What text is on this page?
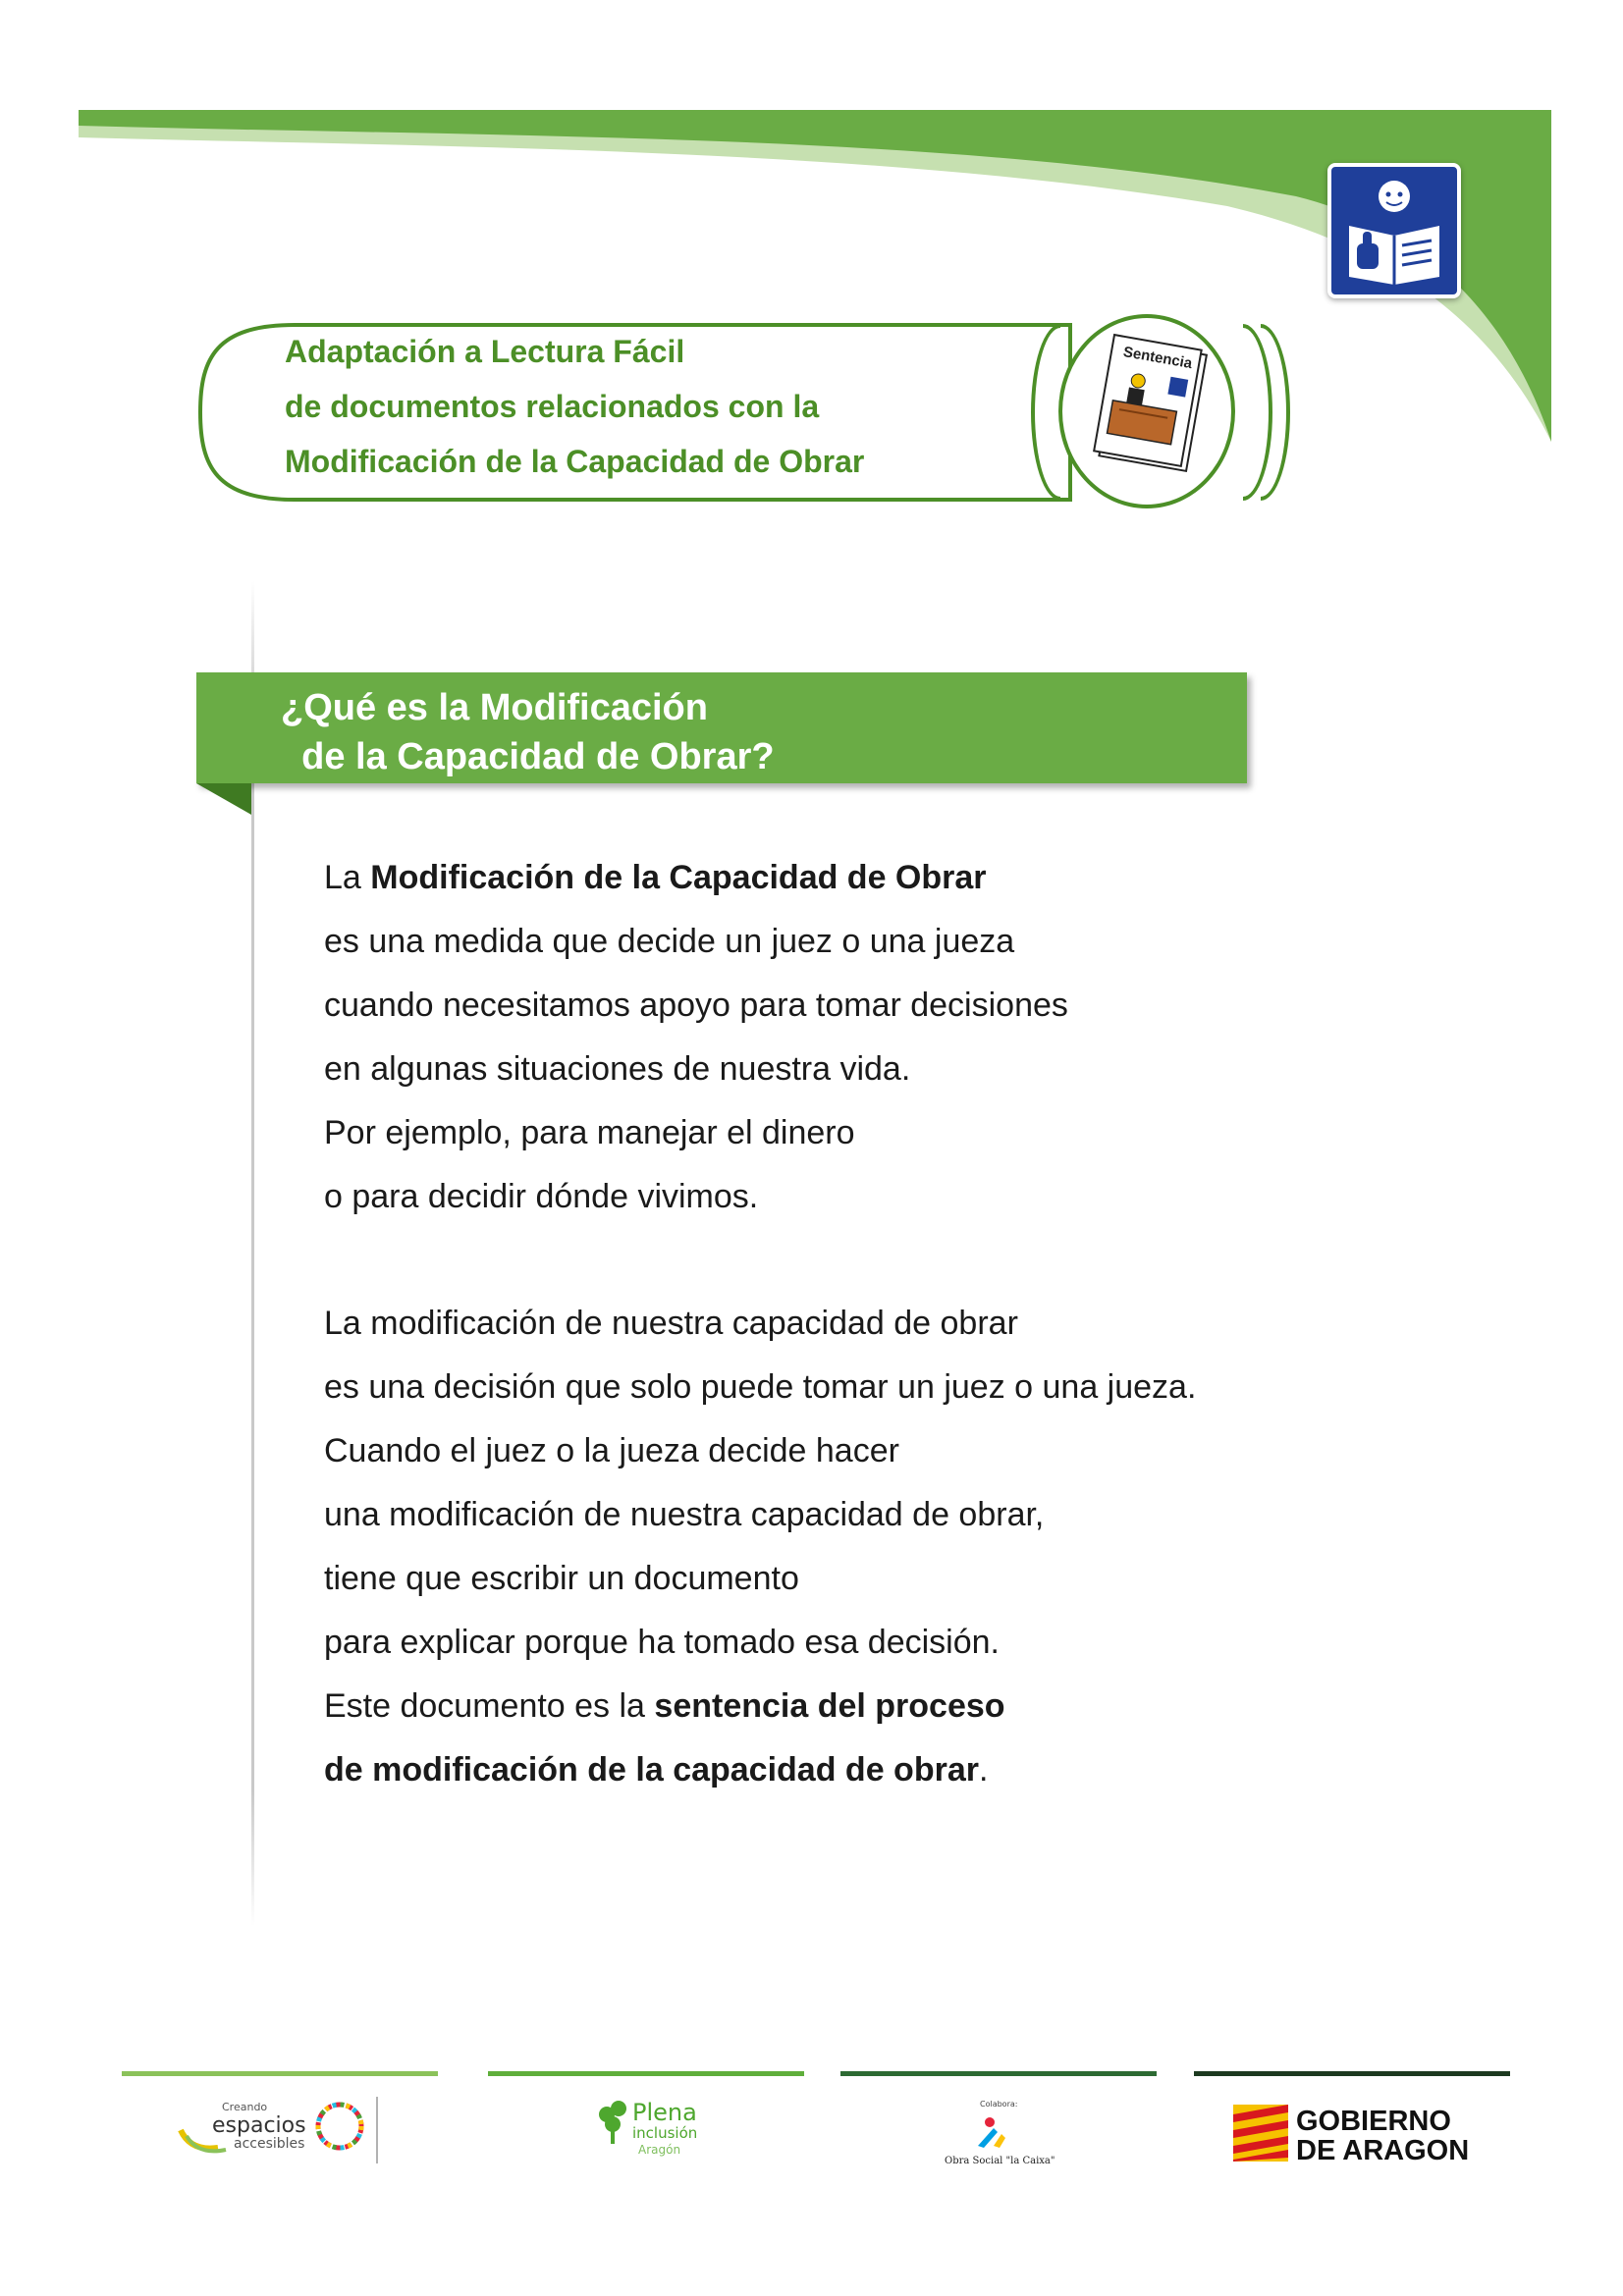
Adaptación a Lectura Fácil
de documentos relacionados con la
Modificación de la Capacidad de Obrar
Sentencia
¿Qué es la Modificación
de la Capacidad de Obrar?
La Modificación de la Capacidad de Obrar
es una medida que decide un juez o una jueza
cuando necesitamos apoyo para tomar decisiones
en algunas situaciones de nuestra vida.
Por ejemplo, para manejar el dinero
o para decidir dónde vivimos.
La modificación de nuestra capacidad de obrar
es una decisión que solo puede tomar un juez o una jueza.
Cuando el juez o la jueza decide hacer
una modificación de nuestra capacidad de obrar,
tiene que escribir un documento
para explicar porque ha tomado esa decisión.
Este documento es la sentencia del proceso
de modificación de la capacidad de obrar.
Creando
espacios
accesibles
Plena
inclusión
Aragón
Colabora:
Obra Social "la Caixa"
GOBIERNO
DE ARAGON
